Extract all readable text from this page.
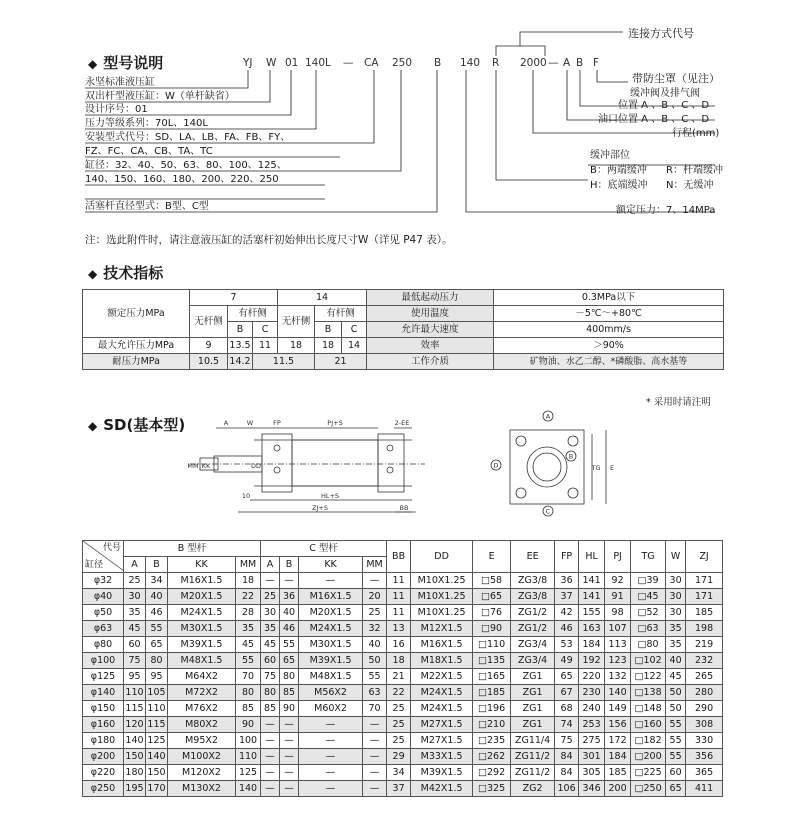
◆ 型号说明	YJ W 01 140L — CA 250 B 140 R 2000 — A B F
永坚标准液压缸
双出杆型液压缸：W（单杆缺省）
设计序号：01
压力等级系列：70L、140L
安装型式代号：SD、LA、LB、FA、FB、FY、
FZ、FC、CA、CB、TA、TC
缸径：32、40、50、63、80、100、125、
140、150、160、180、200、220、250
活塞杆直径型式：B型、C型
连接方式代号
带防尘罩（见注）
缓冲阀及排气阀
位置 A 、B 、C 、D
油口位置 A 、B 、C 、D
行程(mm)
缓冲部位
B：两端缓冲 R：杆端缓冲
H：底端缓冲 N：无缓冲
额定压力：7、14MPa
注：选此附件时，请注意液压缸的活塞杆初始伸出长度尺寸W（详见 P47 表）。
◆ 技术指标
额定压力MPa	7			14			最低起动压力	0.3MPa以下
	无杆侧	有杆侧		无杆侧	有杆侧		使用温度	－5℃～+80℃
		B	C		B	C	允许最大速度	400mm/s
最大允许压力MPa	9	13.5	11	18	18	14	效率	＞90%
耐压力MPa	10.5	14.2	11.5		21		工作介质	矿物油、水乙二醇、*磷酸脂、高水基等
* 采用时请注明
◆ SD(基本型)	A	W	FP	PJ+S	2-EE
MM KK	DD
10	HL+S
ZJ+S	BB
A
B
C
D	TG E
代号
缸径	B 型杆				C 型杆				BB	DD	E	EE	FP	HL	PJ	TG	W	ZJ
	A	B	KK	MM	A	B	KK	MM										
φ32	25	34	M16X1.5	18	—	—	—	—	11	M10X1.25	□58	ZG3/8	36	141	92	□39	30	171
φ40	30	40	M20X1.5	22	25	36	M16X1.5	20	11	M10X1.25	□65	ZG3/8	37	141	91	□45	30	171
φ50	35	46	M24X1.5	28	30	40	M20X1.5	25	11	M10X1.25	□76	ZG1/2	42	155	98	□52	30	185
φ63	45	55	M30X1.5	35	35	46	M24X1.5	32	13	M12X1.5	□90	ZG1/2	46	163	107	□63	35	198
φ80	60	65	M39X1.5	45	45	55	M30X1.5	40	16	M16X1.5	□110	ZG3/4	53	184	113	□80	35	219
φ100	75	80	M48X1.5	55	60	65	M39X1.5	50	18	M18X1.5	□135	ZG3/4	49	192	123	□102	40	232
φ125	95	95	M64X2	70	75	80	M48X1.5	55	21	M22X1.5	□165	ZG1	65	220	132	□122	45	265
φ140	110	105	M72X2	80	80	85	M56X2	63	22	M24X1.5	□185	ZG1	67	230	140	□138	50	280
φ150	115	110	M76X2	85	85	90	M60X2	70	25	M24X1.5	□196	ZG1	68	240	149	□148	50	290
φ160	120	115	M80X2	90	—	—	—	—	25	M27X1.5	□210	ZG1	74	253	156	□160	55	308
φ180	140	125	M95X2	100	—	—	—	—	25	M27X1.5	□235	ZG11/4	75	275	172	□182	55	330
φ200	150	140	M100X2	110	—	—	—	—	29	M33X1.5	□262	ZG11/2	84	301	184	□200	55	356
φ220	180	150	M120X2	125	—	—	—	—	34	M39X1.5	□292	ZG11/2	84	305	185	□225	60	365
φ250	195	170	M130X2	140	—	—	—	—	37	M42X1.5	□325	ZG2	106	346	200	□250	65	411
